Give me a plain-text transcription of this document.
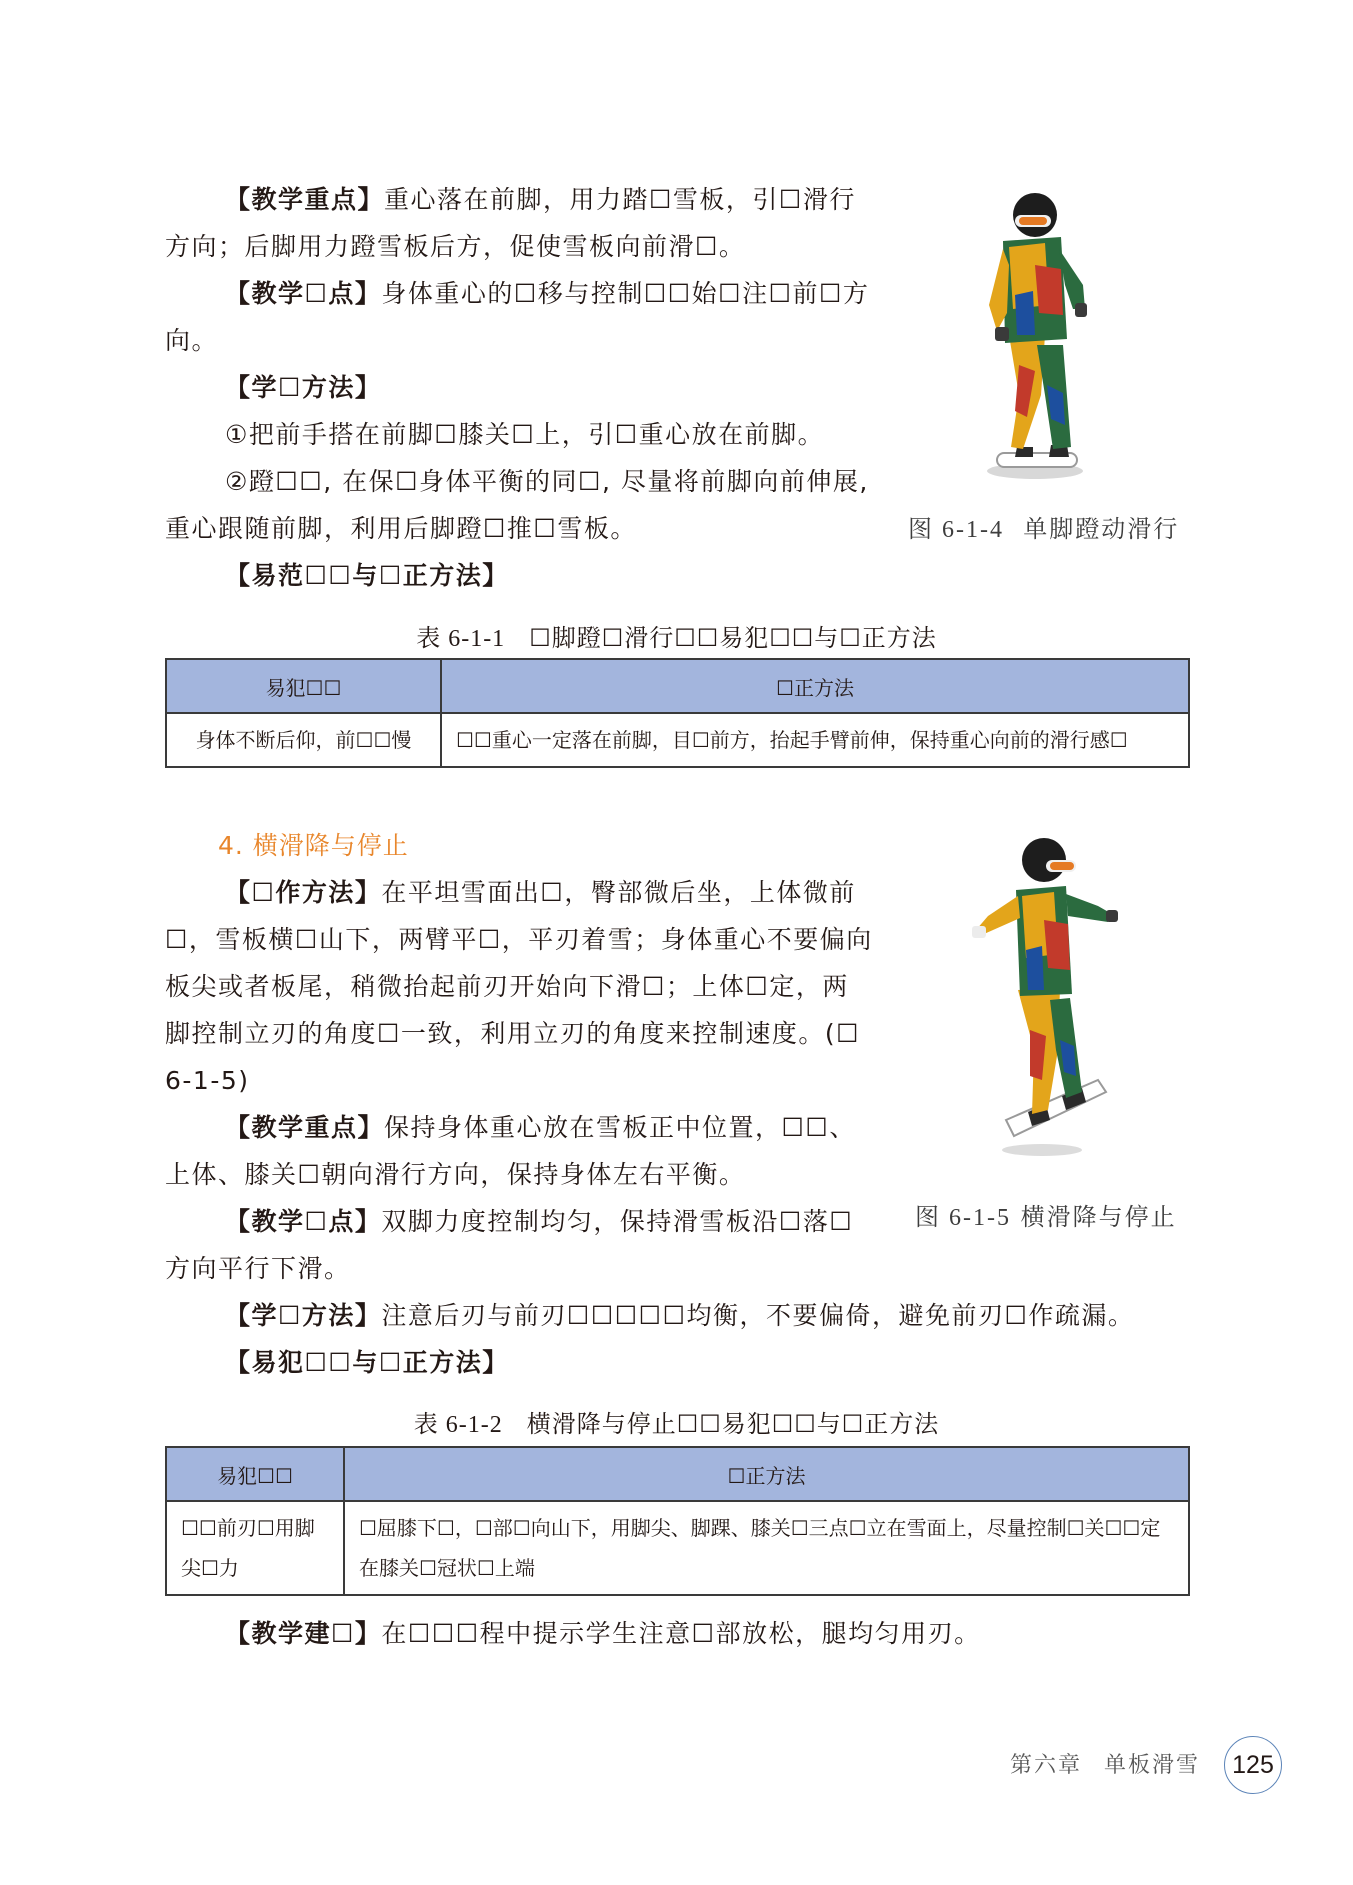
【教学重点】重心落在前脚，用力踏☐雪板，引☐滑行方向；后脚用力蹬雪板后方，促使雪板向前滑☐。

【教学☐点】身体重心的☐移与控制☐☐始☐注☐前☐方向。

【学☐方法】

①把前手搭在前脚☐膝关☐上，引☐重心放在前脚。

②蹬☐☐, 在保☐身体平衡的同☐, 尽量将前脚向前伸展, 重心跟随前脚，利用后脚蹬☐推☐雪板。

【易范☐☐与☐正方法】

图 6-1-4 单脚蹬动滑行

表 6-1-1 ☐脚蹬☐滑行☐☐易犯☐☐与☐正方法

易犯☐☐	☐正方法
身体不断后仰，前☐☐慢	☐☐重心一定落在前脚，目☐前方，抬起手臂前伸，保持重心向前的滑行感☐

4. 横滑降与停止

【☐作方法】在平坦雪面出☐，臀部微后坐，上体微前☐，雪板横☐山下，两臂平☐，平刃着雪；身体重心不要偏向板尖或者板尾，稍微抬起前刃开始向下滑☐；上体☐定，两脚控制立刃的角度☐一致，利用立刃的角度来控制速度。(☐ 6-1-5)

【教学重点】保持身体重心放在雪板正中位置，☐☐、上体、膝关☐朝向滑行方向，保持身体左右平衡。

【教学☐点】双脚力度控制均匀，保持滑雪板沿☐落☐方向平行下滑。

【学☐方法】注意后刃与前刃☐☐☐☐☐均衡，不要偏倚，避免前刃☐作疏漏。

【易犯☐☐与☐正方法】

图 6-1-5 横滑降与停止

表 6-1-2 横滑降与停止☐☐易犯☐☐与☐正方法

易犯☐☐	☐正方法
☐☐前刃☐用脚尖☐力	☐屈膝下☐，☐部☐向山下，用脚尖、脚踝、膝关☐三点☐立在雪面上，尽量控制☐关☐☐定在膝关☐冠状☐上端

【教学建☐】在☐☐☐程中提示学生注意☐部放松，腿均匀用刃。

第六章 单板滑雪	125
